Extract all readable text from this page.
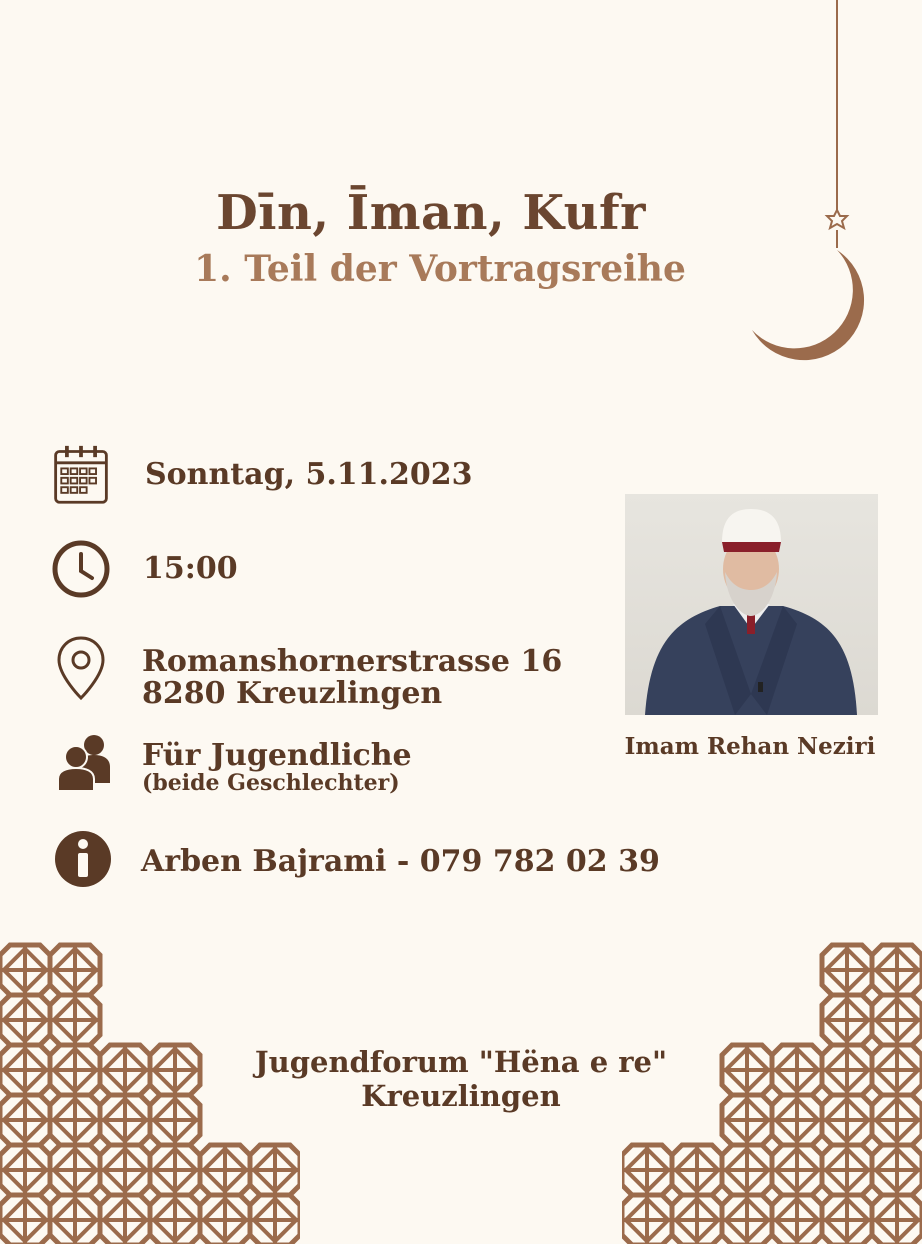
Dīn, Īman, Kufr
1. Teil der Vortragsreihe
Sonntag, 5.11.2023
15:00
Romanshornerstrasse 16
8280 Kreuzlingen
Für Jugendliche
(beide Geschlechter)
Arben Bajrami - 079 782 02 39
Imam Rehan Neziri
Jugendforum "Hëna e re"
Kreuzlingen
